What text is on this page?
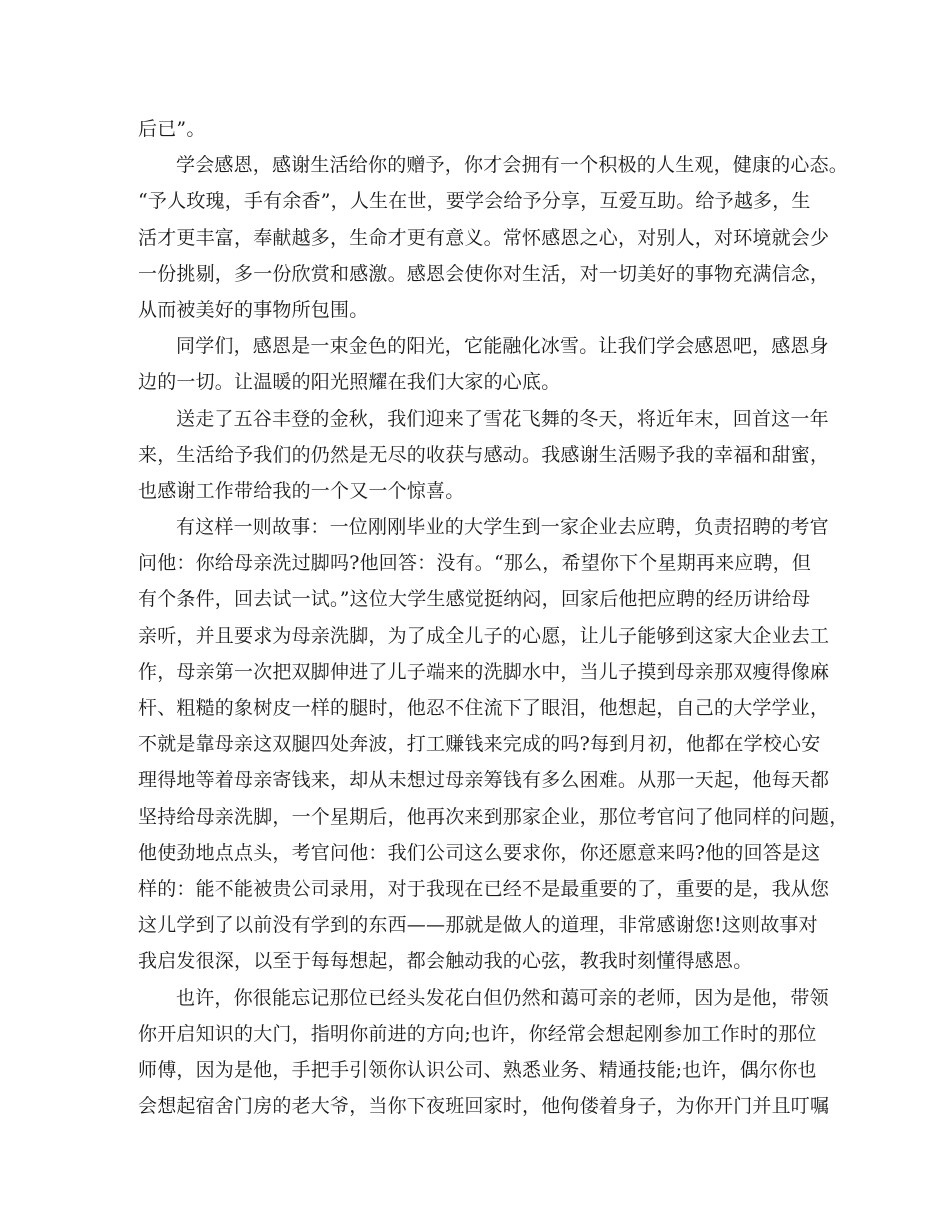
后已”。
学会感恩，感谢生活给你的赠予，你才会拥有一个积极的人生观，健康的心态。
“予人玫瑰，手有余香”，人生在世，要学会给予分享，互爱互助。给予越多，生
活才更丰富，奉献越多，生命才更有意义。常怀感恩之心，对别人，对环境就会少
一份挑剔，多一份欣赏和感激。感恩会使你对生活，对一切美好的事物充满信念，
从而被美好的事物所包围。
同学们，感恩是一束金色的阳光，它能融化冰雪。让我们学会感恩吧，感恩身
边的一切。让温暖的阳光照耀在我们大家的心底。
送走了五谷丰登的金秋，我们迎来了雪花飞舞的冬天，将近年末，回首这一年
来，生活给予我们的仍然是无尽的收获与感动。我感谢生活赐予我的幸福和甜蜜，
也感谢工作带给我的一个又一个惊喜。
有这样一则故事：一位刚刚毕业的大学生到一家企业去应聘，负责招聘的考官
问他：你给母亲洗过脚吗?他回答：没有。“那么，希望你下个星期再来应聘，但
有个条件，回去试一试。”这位大学生感觉挺纳闷，回家后他把应聘的经历讲给母
亲听，并且要求为母亲洗脚，为了成全儿子的心愿，让儿子能够到这家大企业去工
作，母亲第一次把双脚伸进了儿子端来的洗脚水中，当儿子摸到母亲那双瘦得像麻
杆、粗糙的象树皮一样的腿时，他忍不住流下了眼泪，他想起，自己的大学学业，
不就是靠母亲这双腿四处奔波，打工赚钱来完成的吗?每到月初，他都在学校心安
理得地等着母亲寄钱来，却从未想过母亲筹钱有多么困难。从那一天起，他每天都
坚持给母亲洗脚，一个星期后，他再次来到那家企业，那位考官问了他同样的问题，
他使劲地点点头，考官问他：我们公司这么要求你，你还愿意来吗?他的回答是这
样的：能不能被贵公司录用，对于我现在已经不是最重要的了，重要的是，我从您
这儿学到了以前没有学到的东西——那就是做人的道理，非常感谢您!这则故事对
我启发很深，以至于每每想起，都会触动我的心弦，教我时刻懂得感恩。
也许，你很能忘记那位已经头发花白但仍然和蔼可亲的老师，因为是他，带领
你开启知识的大门，指明你前进的方向;也许，你经常会想起刚参加工作时的那位
师傅，因为是他，手把手引领你认识公司、熟悉业务、精通技能;也许，偶尔你也
会想起宿舍门房的老大爷，当你下夜班回家时，他佝偻着身子，为你开门并且叮嘱
